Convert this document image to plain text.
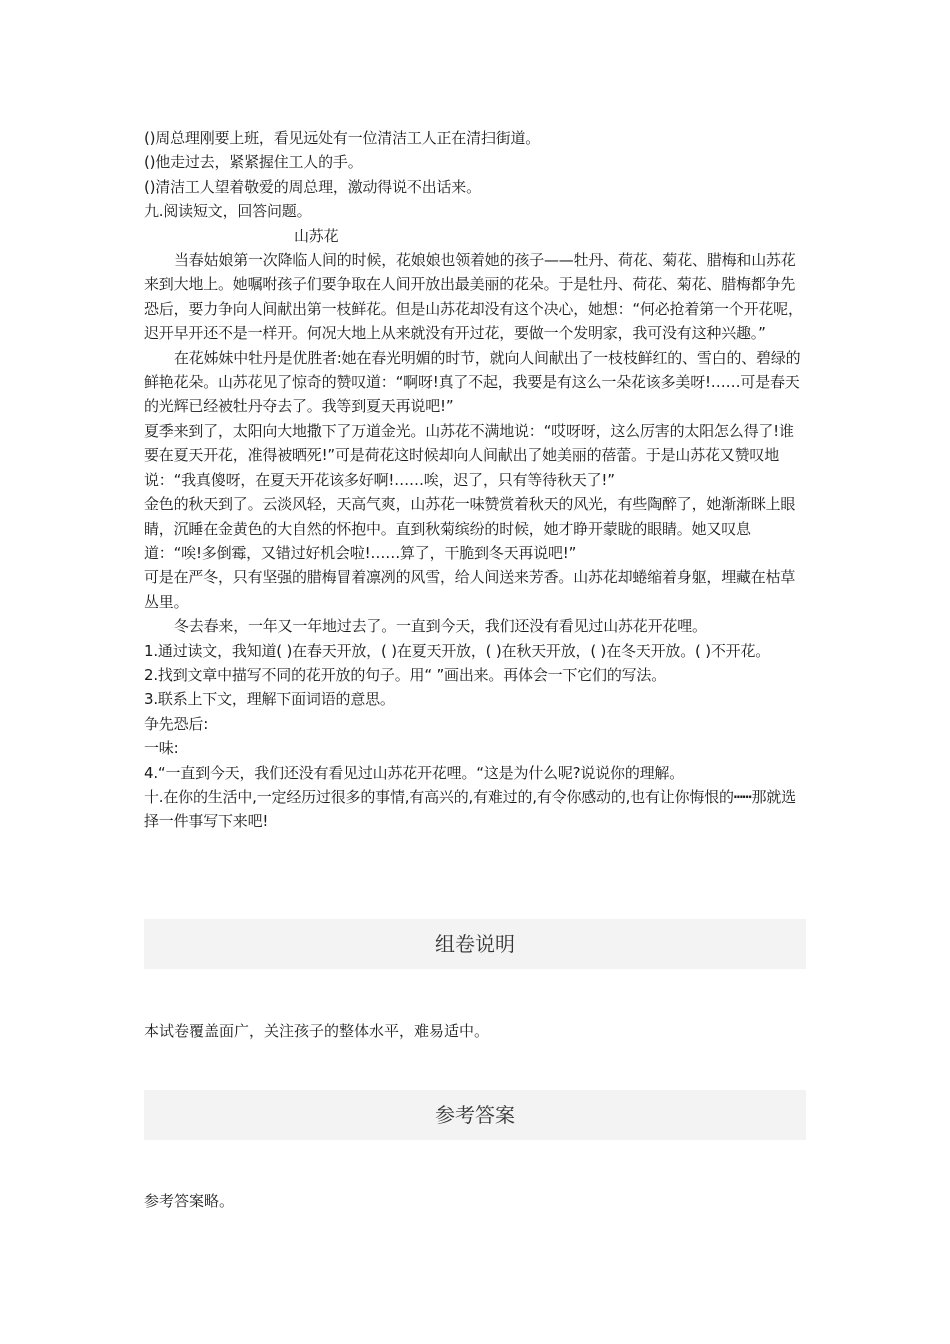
()周总理刚要上班，看见远处有一位清洁工人正在清扫街道。

()他走过去，紧紧握住工人的手。

()清洁工人望着敬爱的周总理，激动得说不出话来。

九.阅读短文，回答问题。

山苏花

当春姑娘第一次降临人间的时候，花娘娘也领着她的孩子——牡丹、荷花、菊花、腊梅和山苏花来到大地上。她嘱咐孩子们要争取在人间开放出最美丽的花朵。于是牡丹、荷花、菊花、腊梅都争先恐后，要力争向人间献出第一枝鲜花。但是山苏花却没有这个决心，她想：“何必抢着第一个开花呢，迟开早开还不是一样开。何况大地上从来就没有开过花，要做一个发明家，我可没有这种兴趣。”

在花姊妹中牡丹是优胜者:她在春光明媚的时节，就向人间献出了一枝枝鲜红的、雪白的、碧绿的鲜艳花朵。山苏花见了惊奇的赞叹道：“啊呀!真了不起，我要是有这么一朵花该多美呀!……可是春天的光辉已经被牡丹夺去了。我等到夏天再说吧!”

夏季来到了，太阳向大地撒下了万道金光。山苏花不满地说：“哎呀呀，这么厉害的太阳怎么得了!谁要在夏天开花，准得被晒死!”可是荷花这时候却向人间献出了她美丽的蓓蕾。于是山苏花又赞叹地说：“我真傻呀，在夏天开花该多好啊!……唉，迟了，只有等待秋天了!”

金色的秋天到了。云淡风轻，天高气爽，山苏花一味赞赏着秋天的风光，有些陶醉了，她渐渐眯上眼睛，沉睡在金黄色的大自然的怀抱中。直到秋菊缤纷的时候，她才睁开蒙眬的眼睛。她又叹息道：“唉!多倒霉，又错过好机会啦!……算了，干脆到冬天再说吧!”

可是在严冬，只有坚强的腊梅冒着凛冽的风雪，给人间送来芳香。山苏花却蜷缩着身躯，埋藏在枯草丛里。

冬去春来，一年又一年地过去了。一直到今天，我们还没有看见过山苏花开花哩。

1.通过读文，我知道( )在春天开放，( )在夏天开放，( )在秋天开放，( )在冬天开放。( )不开花。

2.找到文章中描写不同的花开放的句子。用“ ”画出来。再体会一下它们的写法。

3.联系上下文，理解下面词语的意思。

争先恐后:

一味:

4.“一直到今天，我们还没有看见过山苏花开花哩。“这是为什么呢?说说你的理解。

十.在你的生活中,一定经历过很多的事情,有高兴的,有难过的,有令你感动的,也有让你悔恨的┅┅那就选择一件事写下来吧!

组卷说明
本试卷覆盖面广，关注孩子的整体水平，难易适中。
参考答案
参考答案略。
